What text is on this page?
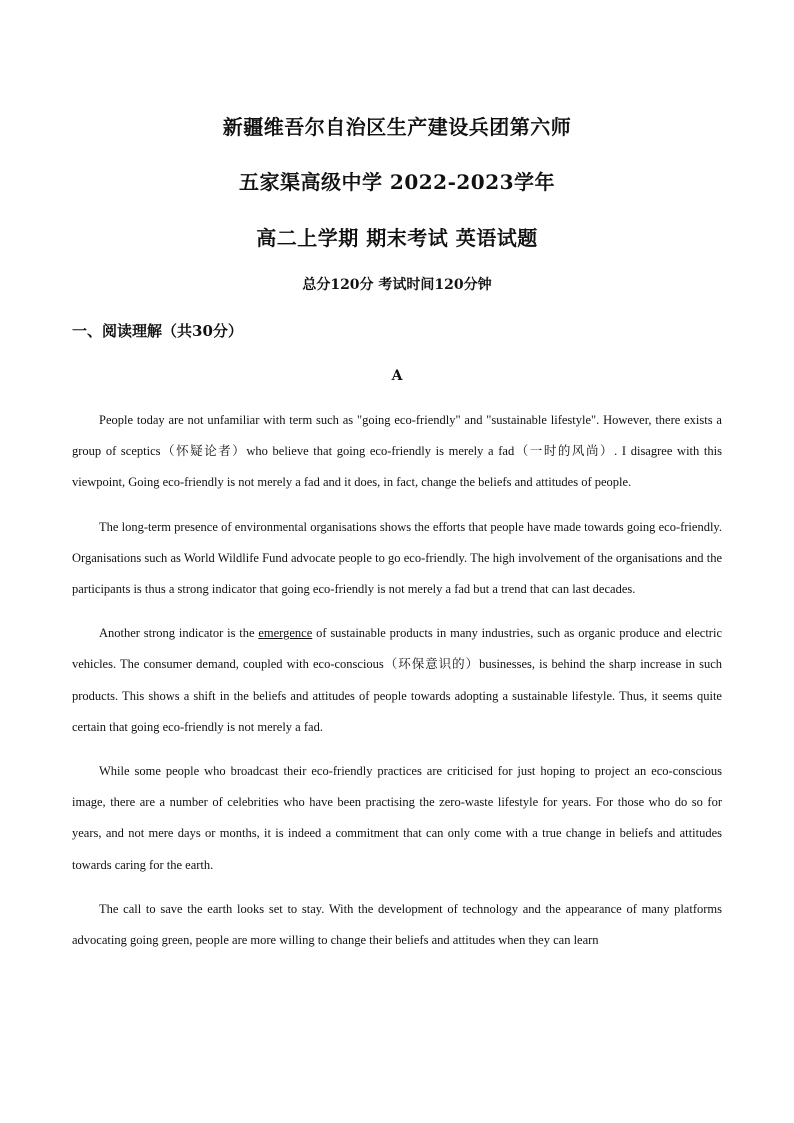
新疆维吾尔自治区生产建设兵团第六师
五家渠高级中学 2022-2023学年
高二上学期 期末考试 英语试题
总分120分 考试时间120分钟
一、阅读理解（共30分）
A

People today are not unfamiliar with term such as "going eco-friendly" and "sustainable lifestyle". However, there exists a group of sceptics（怀疑论者）who believe that going eco-friendly is merely a fad（一时的风尚）. I disagree with this viewpoint, Going eco-friendly is not merely a fad and it does, in fact, change the beliefs and attitudes of people.

The long-term presence of environmental organisations shows the efforts that people have made towards going eco-friendly. Organisations such as World Wildlife Fund advocate people to go eco-friendly. The high involvement of the organisations and the participants is thus a strong indicator that going eco-friendly is not merely a fad but a trend that can last decades.

Another strong indicator is the emergence of sustainable products in many industries, such as organic produce and electric vehicles. The consumer demand, coupled with eco-conscious（环保意识的）businesses, is behind the sharp increase in such products. This shows a shift in the beliefs and attitudes of people towards adopting a sustainable lifestyle. Thus, it seems quite certain that going eco-friendly is not merely a fad.

While some people who broadcast their eco-friendly practices are criticised for just hoping to project an eco-conscious image, there are a number of celebrities who have been practising the zero-waste lifestyle for years. For those who do so for years, and not mere days or months, it is indeed a commitment that can only come with a true change in beliefs and attitudes towards caring for the earth.

The call to save the earth looks set to stay. With the development of technology and the appearance of many platforms advocating going green, people are more willing to change their beliefs and attitudes when they can learn
